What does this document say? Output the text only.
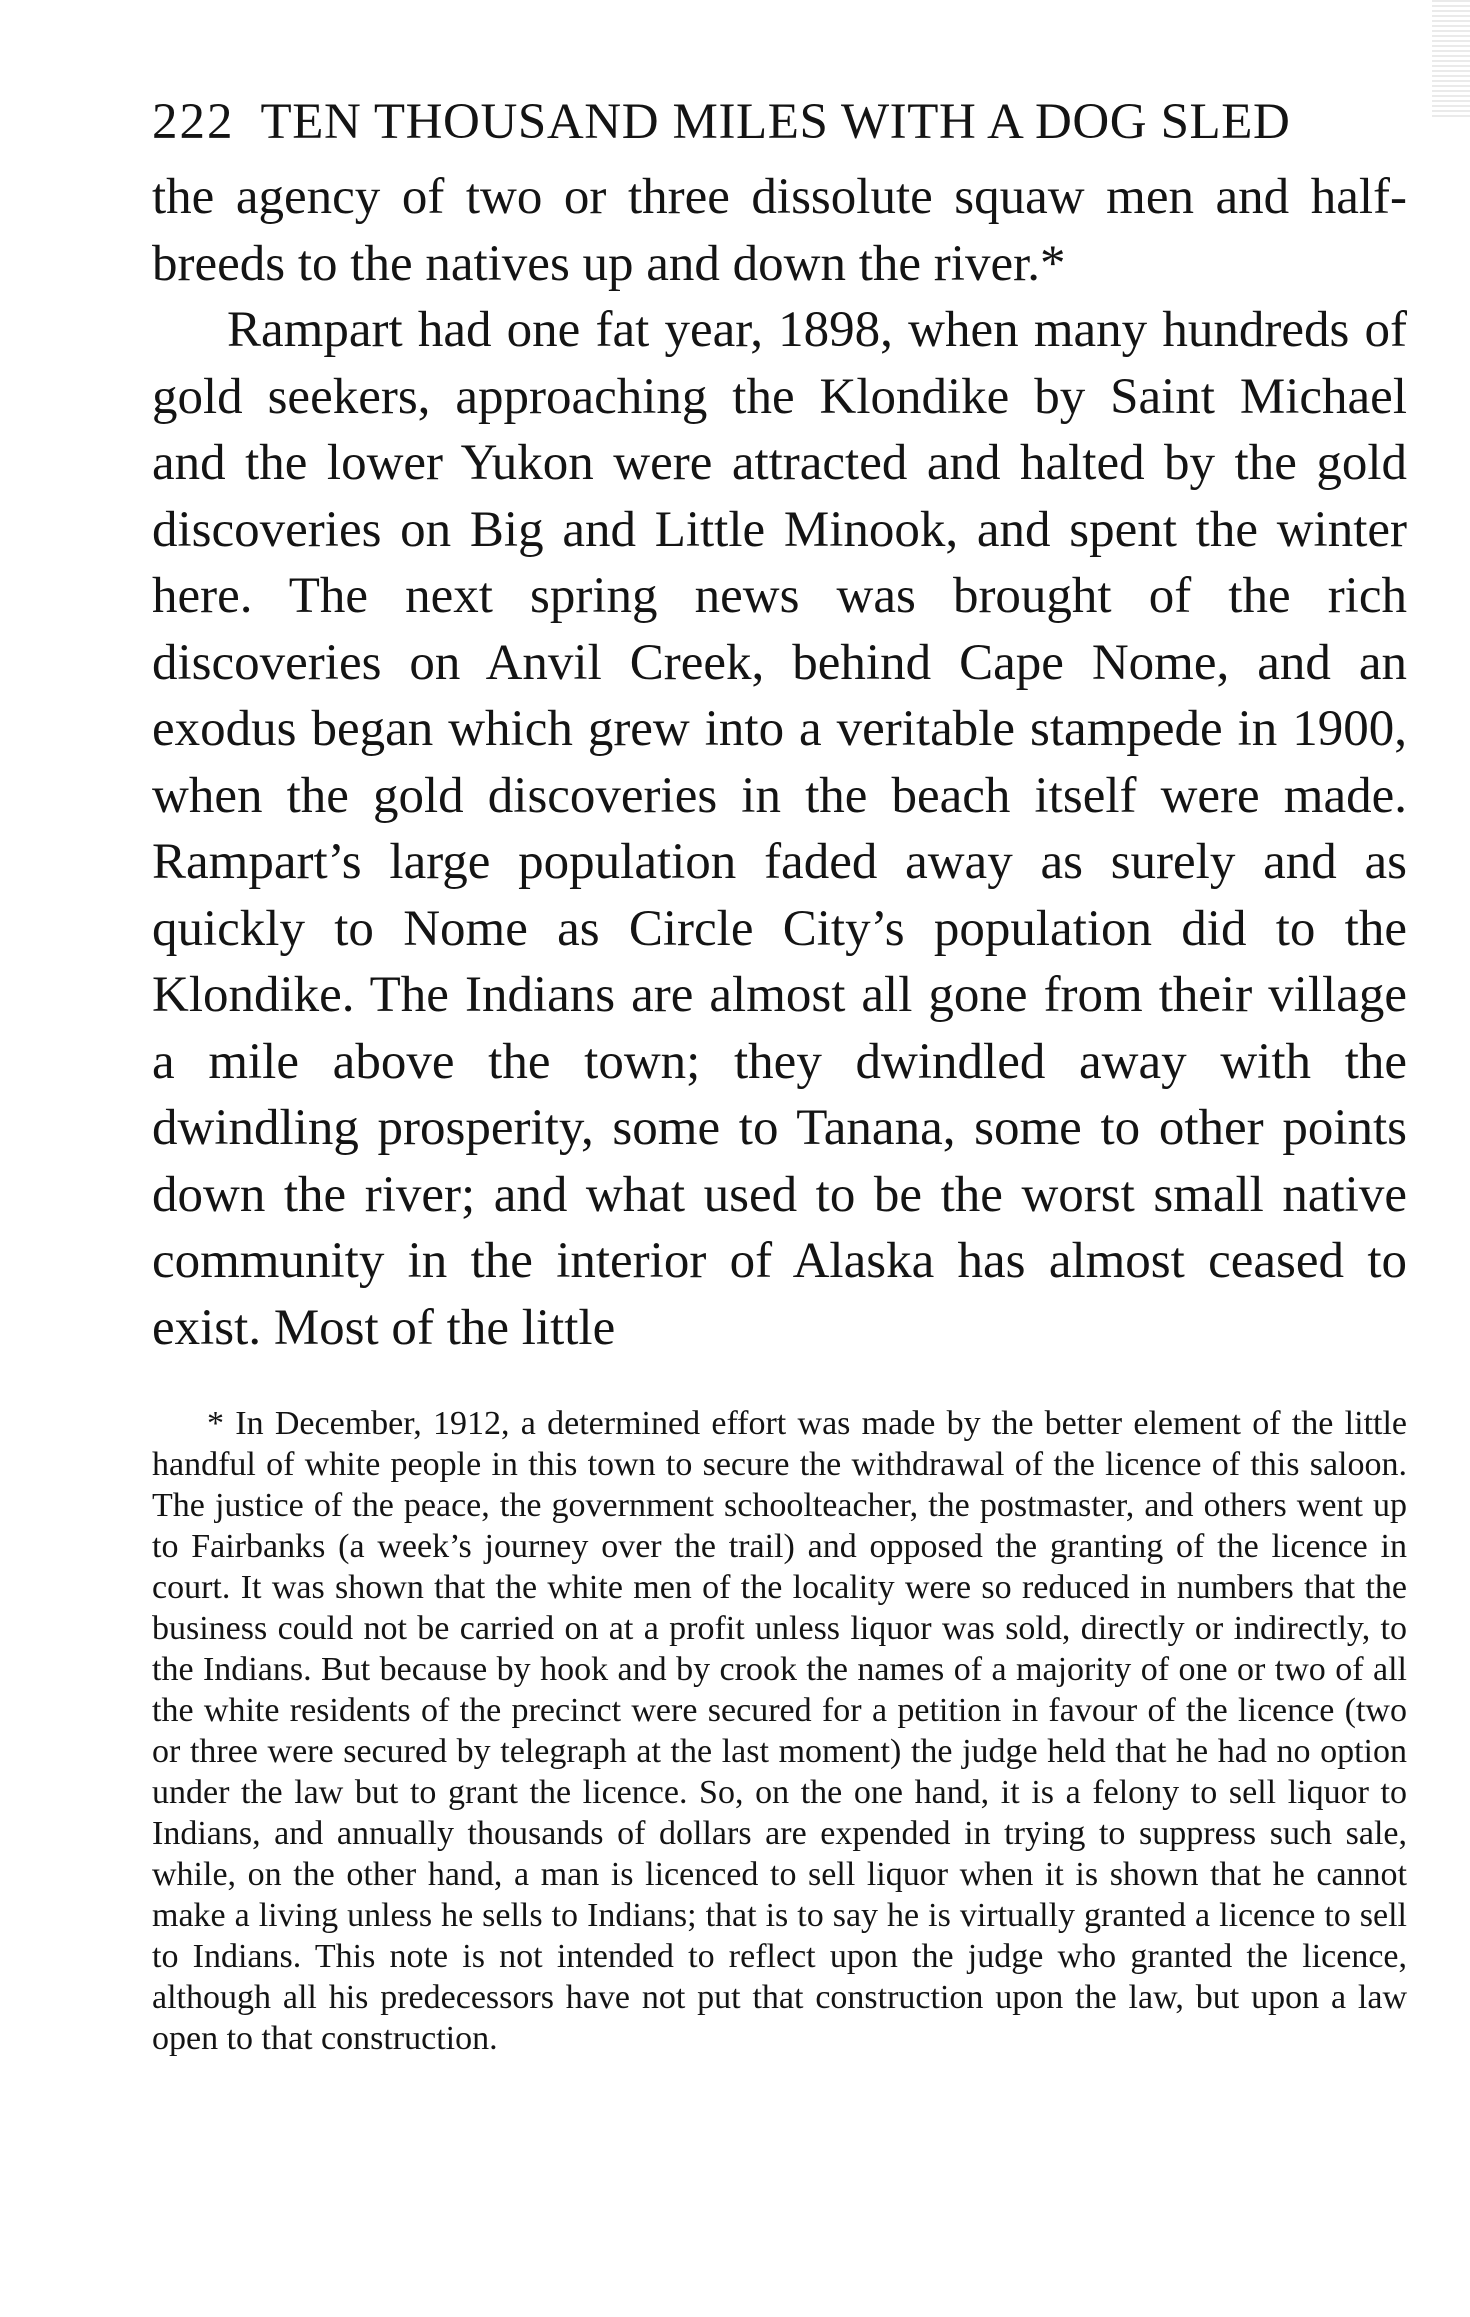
222 TEN THOUSAND MILES WITH A DOG SLED

the agency of two or three dissolute squaw men and halfbreeds to the natives up and down the river.*

Rampart had one fat year, 1898, when many hundreds of gold seekers, approaching the Klondike by Saint Michael and the lower Yukon were attracted and halted by the gold discoveries on Big and Little Minook, and spent the winter here. The next spring news was brought of the rich discoveries on Anvil Creek, behind Cape Nome, and an exodus began which grew into a veritable stampede in 1900, when the gold discoveries in the beach itself were made. Rampart’s large population faded away as surely and as quickly to Nome as Circle City’s population did to the Klondike. The Indians are almost all gone from their village a mile above the town; they dwindled away with the dwindling prosperity, some to Tanana, some to other points down the river; and what used to be the worst small native community in the interior of Alaska has almost ceased to exist. Most of the little

* In December, 1912, a determined effort was made by the better element of the little handful of white people in this town to secure the withdrawal of the licence of this saloon. The justice of the peace, the government schoolteacher, the postmaster, and others went up to Fairbanks (a week’s journey over the trail) and opposed the granting of the licence in court. It was shown that the white men of the locality were so reduced in numbers that the business could not be carried on at a profit unless liquor was sold, directly or indirectly, to the Indians. But because by hook and by crook the names of a majority of one or two of all the white residents of the precinct were secured for a petition in favour of the licence (two or three were secured by telegraph at the last moment) the judge held that he had no option under the law but to grant the licence. So, on the one hand, it is a felony to sell liquor to Indians, and annually thousands of dollars are expended in trying to suppress such sale, while, on the other hand, a man is licenced to sell liquor when it is shown that he cannot make a living unless he sells to Indians; that is to say he is virtually granted a licence to sell to Indians. This note is not intended to reflect upon the judge who granted the licence, although all his predecessors have not put that construction upon the law, but upon a law open to that construction.
